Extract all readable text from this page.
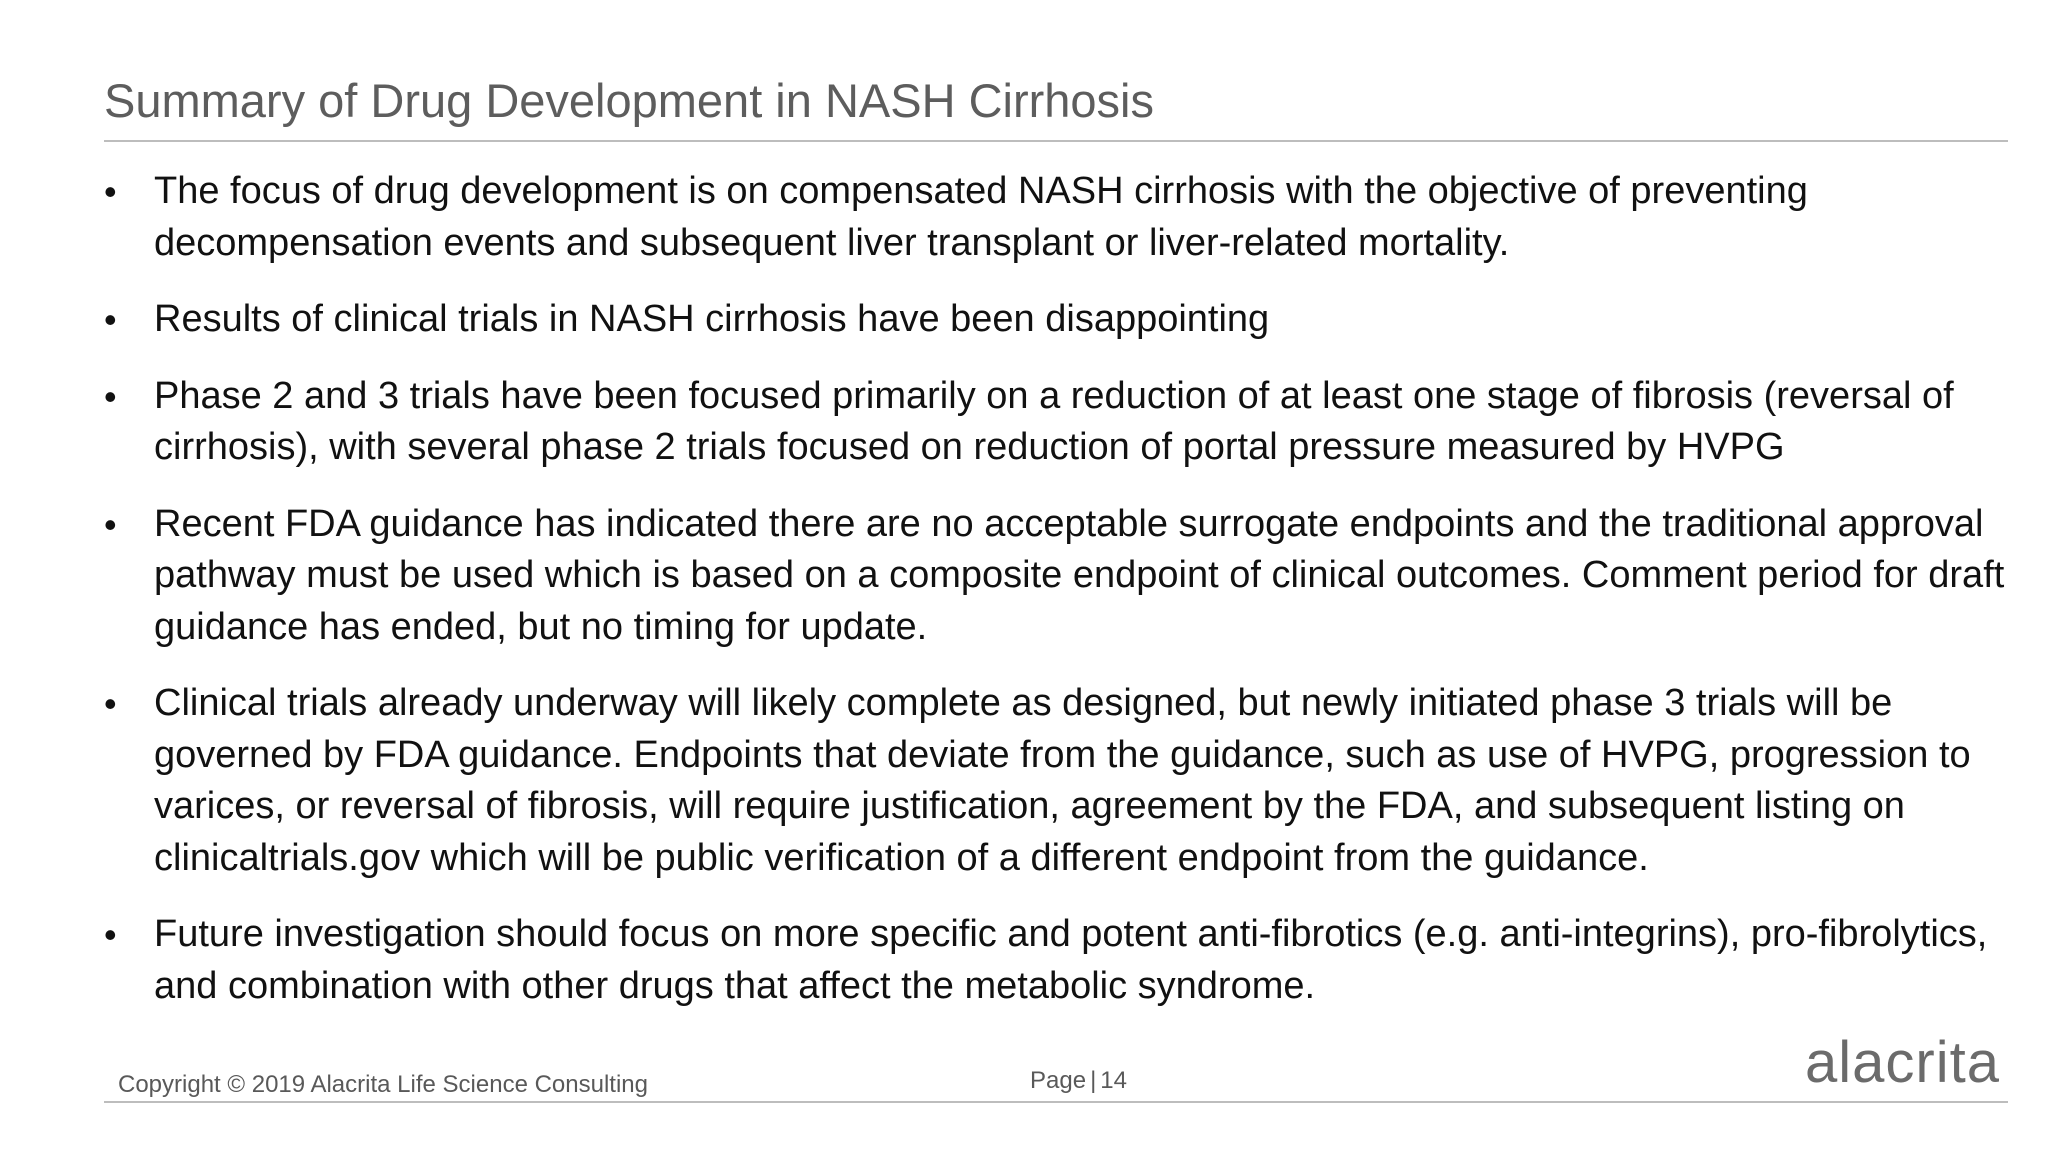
Summary of Drug Development in NASH Cirrhosis
• The focus of drug development is on compensated NASH cirrhosis with the objective of preventing decompensation events and subsequent liver transplant or liver-related mortality.
• Results of clinical trials in NASH cirrhosis have been disappointing
• Phase 2 and 3 trials have been focused primarily on a reduction of at least one stage of fibrosis (reversal of cirrhosis), with several phase 2 trials focused on reduction of portal pressure measured by HVPG
• Recent FDA guidance has indicated there are no acceptable surrogate endpoints and the traditional approval pathway must be used which is based on a composite endpoint of clinical outcomes. Comment period for draft guidance has ended, but no timing for update.
• Clinical trials already underway will likely complete as designed, but newly initiated phase 3 trials will be governed by FDA guidance. Endpoints that deviate from the guidance, such as use of HVPG, progression to varices, or reversal of fibrosis, will require justification, agreement by the FDA, and subsequent listing on clinicaltrials.gov which will be public verification of a different endpoint from the guidance.
• Future investigation should focus on more specific and potent anti-fibrotics (e.g. anti-integrins), pro-fibrolytics, and combination with other drugs that affect the metabolic syndrome.
Copyright © 2019 Alacrita Life Science Consulting	Page | 14	alacrita
